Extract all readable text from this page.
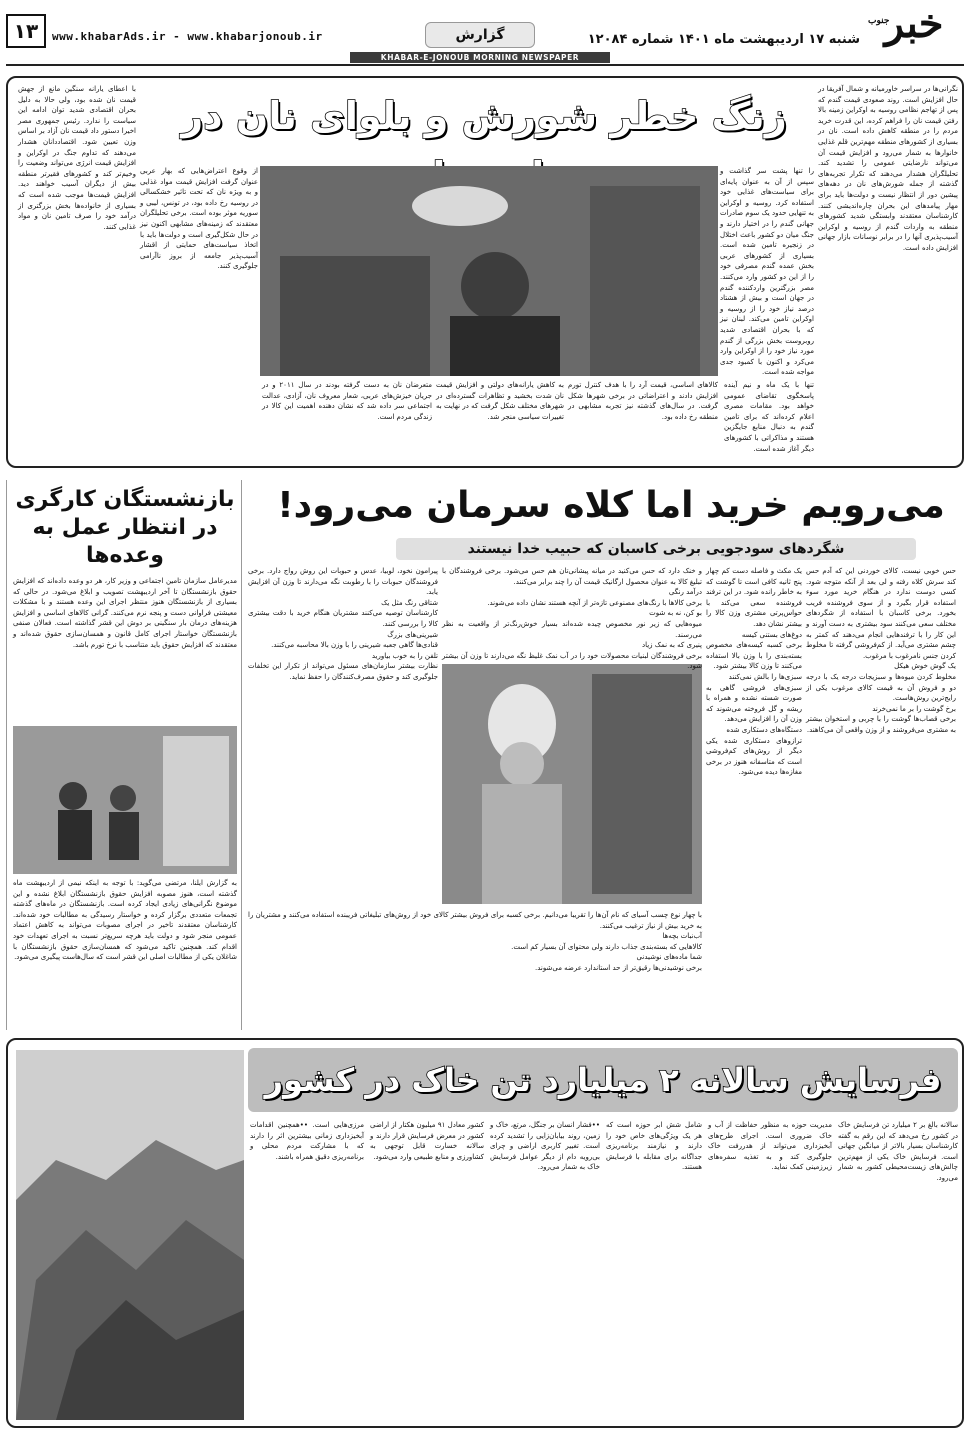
۱۳	www.khabarAds.ir - www.khabarjonoub.ir	گزارش	شنبه ۱۷ اردیبهشت ماه ۱۴۰۱ شماره ۱۲۰۸۴ خبر
جنوب
KHABAR-E-JONOUB MORNING NEWSPAPER
زنگ خطر شورش و بلوای نان در
نگرانی‌ها در سراسر خاورمیانه و شمال آفریقا در حال افزایش است. روند صعودی قیمت گندم که پس از تهاجم نظامی روسیه به اوکراین زمینه بالا رفتن قیمت نان را فراهم کرده، این قدرت خرید مردم را در منطقه کاهش داده است. نان در بسیاری از کشورهای منطقه مهم‌ترین قلم غذایی خانوارها به شمار می‌رود و افزایش قیمت آن می‌تواند نارضایتی عمومی را تشدید کند. تحلیلگران هشدار می‌دهند که تکرار تجربه‌های گذشته از جمله شورش‌های نان در دهه‌های پیشین دور از انتظار نیست و دولت‌ها باید برای مهار پیامدهای این بحران چاره‌اندیشی کنند. کارشناسان معتقدند وابستگی شدید کشورهای منطقه به واردات گندم از روسیه و اوکراین آسیب‌پذیری آنها را در برابر نوسانات بازار جهانی افزایش داده است.
را تنها پشت سر گذاشت و سپس از آن به عنوان پایه‌ای برای سیاست‌های غذایی خود استفاده کرد. روسیه و اوکراین به تنهایی حدود یک سوم صادرات جهانی گندم را در اختیار دارند و جنگ میان دو کشور باعث اختلال در زنجیره تامین شده است. بسیاری از کشورهای عربی بخش عمده گندم مصرفی خود را از این دو کشور وارد می‌کنند. مصر بزرگترین واردکننده گندم در جهان است و بیش از هشتاد درصد نیاز خود را از روسیه و اوکراین تامین می‌کند. لبنان نیز که با بحران اقتصادی شدید روبروست بخش بزرگی از گندم مورد نیاز خود را از اوکراین وارد می‌کرد و اکنون با کمبود جدی مواجه شده است.
تنها با یک ماه و نیم آینده پاسخگوی تقاضای عمومی خواهد بود. مقامات مصری اعلام کرده‌اند که برای تامین گندم به دنبال منابع جایگزین هستند و مذاکراتی با کشورهای دیگر آغاز شده است.
کالاهای اساسی، قیمت آرد را با هدف کنترل تورم افزایش دادند و اعتراضاتی در برخی شهرها شکل گرفت. در سال‌های گذشته نیز تجربه مشابهی در منطقه رخ داده بود.
به کاهش یارانه‌های دولتی و افزایش قیمت نان شدت بخشید و تظاهرات گسترده‌ای در شهرهای مختلف شکل گرفت که در نهایت به تغییرات سیاسی منجر شد.
متعرضان نان به دست گرفته بودند در سال ۲۰۱۱ و در جریان خیزش‌های عربی، شعار معروف نان، آزادی، عدالت اجتماعی سر داده شد که نشان دهنده اهمیت این کالا در زندگی مردم است.
از وقوع اعتراض‌هایی که بهار عربی عنوان گرفت افزایش قیمت مواد غذایی و به ویژه نان که تحت تاثیر خشکسالی در روسیه رخ داده بود، در تونس، لیبی و سوریه موثر بوده است. برخی تحلیلگران معتقدند که زمینه‌های مشابهی اکنون نیز در حال شکل‌گیری است و دولت‌ها باید با اتخاذ سیاست‌های حمایتی از اقشار آسیب‌پذیر جامعه از بروز ناآرامی جلوگیری کنند.
با اعطای یارانه سنگین مانع از جهش قیمت نان شده بود، ولی حالا به دلیل بحران اقتصادی شدید توان ادامه این سیاست را ندارد. رئیس جمهوری مصر اخیرا دستور داد قیمت نان آزاد بر اساس وزن تعیین شود. اقتصاددانان هشدار می‌دهند که تداوم جنگ در اوکراین و افزایش قیمت انرژی می‌تواند وضعیت را وخیم‌تر کند و کشورهای فقیرتر منطقه بیش از دیگران آسیب خواهند دید. افزایش قیمت‌ها موجب شده است که بسیاری از خانواده‌ها بخش بزرگتری از درآمد خود را صرف تامین نان و مواد غذایی کنند.
می‌رویم خرید اما کلاه سرمان می‌رود!
شگردهای سودجویی برخی کاسبان که حبیب خدا نیستند
حس خوبی نیست، کالای خوردنی این که آدم حس کند سرش کلاه رفته و لی بعد از آنکه متوجه شود. کسی دوست ندارد در هنگام خرید مورد سوء استفاده قرار بگیرد و از سوی فروشنده فریب بخورد. برخی کاسبان با استفاده از شگردهای مختلف سعی می‌کنند سود بیشتری به دست آورند و این کار را با ترفندهایی انجام می‌دهند که کمتر به چشم مشتری می‌آید. از کم‌فروشی گرفته تا مخلوط کردن جنس نامرغوب با مرغوب.
یک گوش خوش هیکل
مخلوط کردن میوه‌ها و سبزیجات درجه یک با درجه دو و فروش آن به قیمت کالای مرغوب یکی از رایج‌ترین روش‌هاست.
برخ گوشت را بر ما نمی‌خرند
برخی قصاب‌ها گوشت را با چربی و استخوان بیشتر به مشتری می‌فروشند و از وزن واقعی آن می‌کاهند.
یک مکث و فاصله دست کم چهار پنج ثانیه کافی است تا گوشت که به خاطر رانده شود. در این ترفند فروشنده سعی می‌کند با حواس‌پرتی مشتری وزن کالا را بیشتر نشان دهد.
دوغ‌های بستنی کیسه
برخی کسبه کیسه‌های مخصوص بسته‌بندی را با وزن بالا استفاده می‌کنند تا وزن کالا بیشتر شود.
سبزی‌ها را بالش نمی‌کنند
سبزی‌های فروشی گاهی به صورت شسته نشده و همراه با ریشه و گل فروخته می‌شوند که وزن آن را افزایش می‌دهد.
دستگاه‌های دستکاری شده
ترازوهای دستکاری شده یکی دیگر از روش‌های کم‌فروشی است که متاسفانه هنوز در برخی مغازه‌ها دیده می‌شود.
و خنک دارد که حس می‌کنید در میانه پیشانی‌تان هم حس می‌شود. برخی فروشندگان با تبلیغ کالا به عنوان محصول ارگانیک قیمت آن را چند برابر می‌کنند.
درآمد رنگی
برخی کالاها با رنگ‌های مصنوعی تازه‌تر از آنچه هستند نشان داده می‌شوند.
بو کن، نه به شوت
میوه‌هایی که زیر نور مخصوص چیده شده‌اند بسیار خوش‌رنگ‌تر از واقعیت به نظر می‌رسند.
پنیری که به نمک زیاد
برخی فروشندگان لبنیات محصولات خود را در آب نمک غلیظ نگه می‌دارند تا وزن آن بیشتر شود.
پیرامون نخود، لوبیا، عدس و حبوبات این روش رواج دارد. برخی فروشندگان حبوبات را با رطوبت نگه می‌دارند تا وزن آن افزایش یابد.
شتاقی رنگ مثل یک
کارشناسان توصیه می‌کنند مشتریان هنگام خرید با دقت بیشتری کالا را بررسی کنند.
شیرینی‌های بزرگ
قنادی‌ها گاهی جعبه شیرینی را با وزن بالا محاسبه می‌کنند.
تلفن را به خوب بیاورید
نظارت بیشتر سازمان‌های مسئول می‌تواند از تکرار این تخلفات جلوگیری کند و حقوق مصرف‌کنندگان را حفظ نماید.
با چهار نوع چسب آسیای که نام آن‌ها را تقریبا می‌دانیم. برخی کسبه برای فروش بیشتر کالای خود از روش‌های تبلیغاتی فریبنده استفاده می‌کنند و مشتریان را به خرید بیش از نیاز ترغیب می‌کنند.
آب‌نبات بچه‌ها
کالاهایی که بسته‌بندی جذاب دارند ولی محتوای آن بسیار کم است.
شما ماده‌های نوشیدنی
برخی نوشیدنی‌ها رقیق‌تر از حد استاندارد عرضه می‌شوند.
بازنشستگان کارگری در انتظار عمل به وعده‌ها
مدیرعامل سازمان تامین اجتماعی و وزیر کار، هر دو وعده داده‌اند که افزایش حقوق بازنشستگان تا آخر اردیبهشت تصویب و ابلاغ می‌شود. در حالی که بسیاری از بازنشستگان هنوز منتظر اجرای این وعده هستند و با مشکلات معیشتی فراوانی دست و پنجه نرم می‌کنند. گرانی کالاهای اساسی و افزایش هزینه‌های درمان بار سنگینی بر دوش این قشر گذاشته است. فعالان صنفی بازنشستگان خواستار اجرای کامل قانون و همسان‌سازی حقوق شده‌اند و معتقدند که افزایش حقوق باید متناسب با نرخ تورم باشد.
به گزارش ایلنا، مرتضی می‌گوید: با توجه به اینکه نیمی از اردیبهشت ماه گذشته است، هنوز مصوبه افزایش حقوق بازنشستگان ابلاغ نشده و این موضوع نگرانی‌های زیادی ایجاد کرده است. بازنشستگان در ماه‌های گذشته تجمعات متعددی برگزار کرده و خواستار رسیدگی به مطالبات خود شده‌اند. کارشناسان معتقدند تاخیر در اجرای مصوبات می‌تواند به کاهش اعتماد عمومی منجر شود و دولت باید هرچه سریع‌تر نسبت به اجرای تعهدات خود اقدام کند. همچنین تاکید می‌شود که همسان‌سازی حقوق بازنشستگان با شاغلان یکی از مطالبات اصلی این قشر است که سال‌هاست پیگیری می‌شود.
فرسایش سالانه ۲ میلیارد تن خاک در کشور
سالانه بالغ بر ۲ میلیارد تن فرسایش خاک در کشور رخ می‌دهد که این رقم به گفته کارشناسان بسیار بالاتر از میانگین جهانی است. فرسایش خاک یکی از مهم‌ترین چالش‌های زیست‌محیطی کشور به شمار می‌رود.
مدیریت حوزه به منظور حفاظت از آب و خاک ضروری است. اجرای طرح‌های آبخیزداری می‌تواند از هدررفت خاک جلوگیری کند و به تغذیه سفره‌های زیرزمینی کمک نماید.
شامل شش ابر حوزه است که هر یک ویژگی‌های خاص خود را دارند و نیازمند برنامه‌ریزی جداگانه برای مقابله با فرسایش هستند.
••فشار انسان بر جنگل، مرتع، خاک و زمین، روند بیابان‌زایی را تشدید کرده است. تغییر کاربری اراضی و چرای بی‌رویه دام از دیگر عوامل فرسایش خاک به شمار می‌رود.
کشور معادل ۹۱ میلیون هکتار از اراضی کشور در معرض فرسایش قرار دارند و سالانه خسارت قابل توجهی به کشاورزی و منابع طبیعی وارد می‌شود.
مرزی‌هایی است. ••همچنین اقدامات آبخیزداری زمانی بیشترین اثر را دارند که با مشارکت مردم محلی و برنامه‌ریزی دقیق همراه باشند.
